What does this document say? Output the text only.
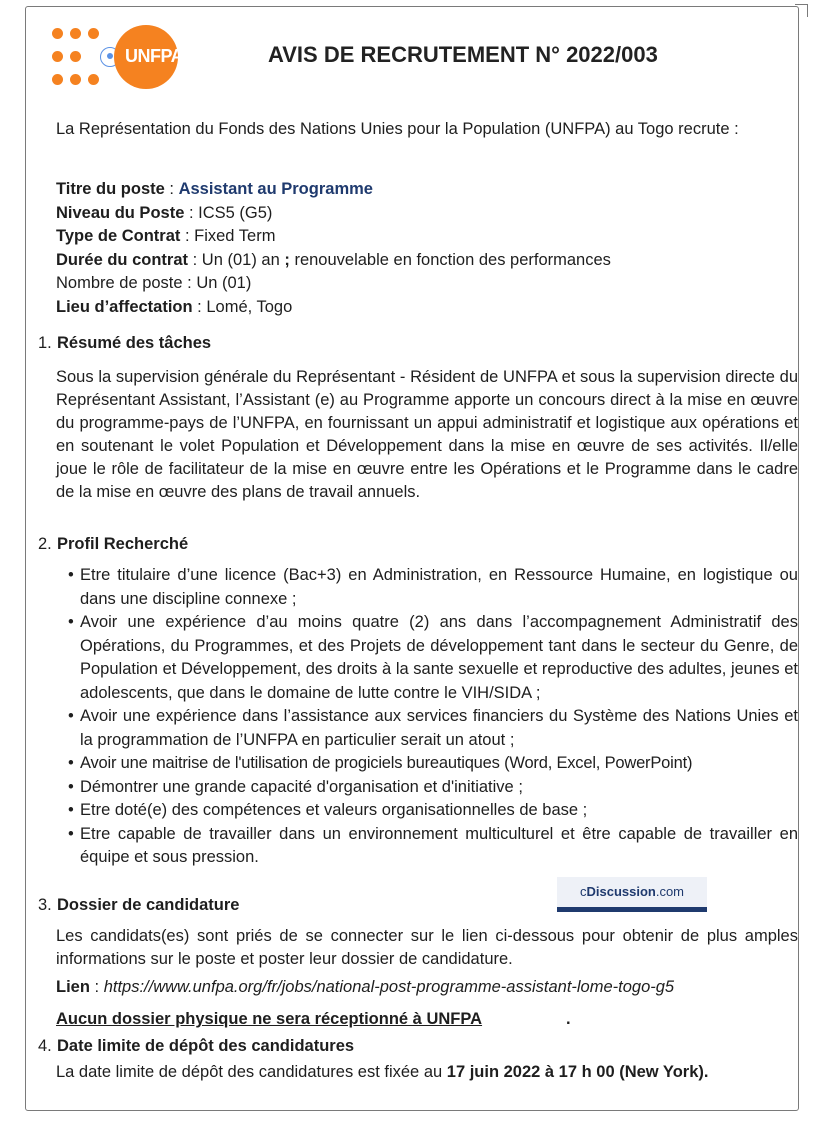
UNFPA	AVIS DE RECRUTEMENT N° 2022/003
La Représentation du Fonds des Nations Unies pour la Population (UNFPA) au Togo recrute :
Titre du poste : Assistant au Programme
Niveau du Poste : ICS5 (G5)
Type de Contrat : Fixed Term
Durée du contrat : Un (01) an ; renouvelable en fonction des performances
Nombre de poste : Un (01)
Lieu d’affectation : Lomé, Togo
1. Résumé des tâches
Sous la supervision générale du Représentant - Résident de UNFPA et sous la supervision directe du Représentant Assistant, l’Assistant (e) au Programme apporte un concours direct à la mise en œuvre du programme-pays de l’UNFPA, en fournissant un appui administratif et logistique aux opérations et en soutenant le volet Population et Développement dans la mise en œuvre de ses activités. Il/elle joue le rôle de facilitateur de la mise en œuvre entre les Opérations et le Programme dans le cadre de la mise en œuvre des plans de travail annuels.
2. Profil Recherché
• Etre titulaire d’une licence (Bac+3) en Administration, en Ressource Humaine, en logistique ou dans une discipline connexe ;
• Avoir une expérience d’au moins quatre (2) ans dans l’accompagnement Administratif des Opérations, du Programmes, et des Projets de développement tant dans le secteur du Genre, de Population et Développement, des droits à la sante sexuelle et reproductive des adultes, jeunes et adolescents, que dans le domaine de lutte contre le VIH/SIDA ;
• Avoir une expérience dans l’assistance aux services financiers du Système des Nations Unies et la programmation de l’UNFPA en particulier serait un atout ;
• Avoir une maitrise de l'utilisation de progiciels bureautiques (Word, Excel, PowerPoint)
• Démontrer une grande capacité d'organisation et d'initiative ;
• Etre doté(e) des compétences et valeurs organisationnelles de base ;
• Etre capable de travailler dans un environnement multiculturel et être capable de travailler en équipe et sous pression.
cDiscussion.com
3. Dossier de candidature
Les candidats(es) sont priés de se connecter sur le lien ci-dessous pour obtenir de plus amples informations sur le poste et poster leur dossier de candidature.
Lien : https://www.unfpa.org/fr/jobs/national-post-programme-assistant-lome-togo-g5
Aucun dossier physique ne sera réceptionné à UNFPA	.
4. Date limite de dépôt des candidatures
La date limite de dépôt des candidatures est fixée au 17 juin 2022 à 17 h 00 (New York).
